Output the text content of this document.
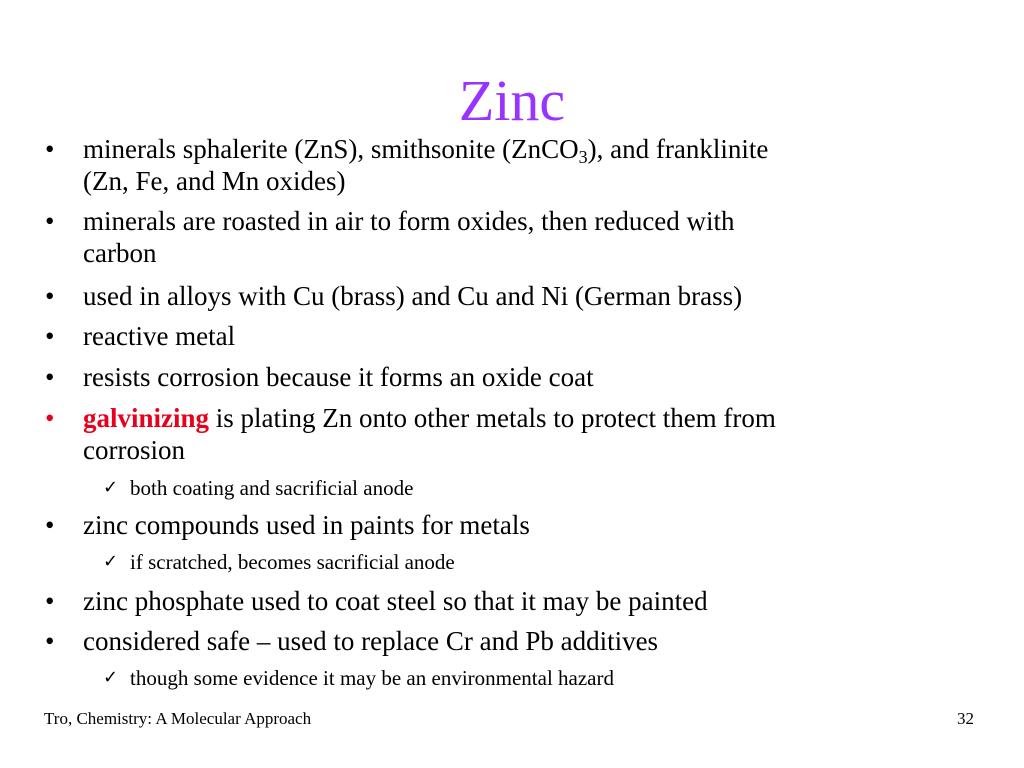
Zinc
• minerals sphalerite (ZnS), smithsonite (ZnCO$_3$), and franklinite
(Zn, Fe, and Mn oxides)
• minerals are roasted in air to form oxides, then reduced with
carbon
• used in alloys with Cu (brass) and Cu and Ni (German brass)
• reactive metal
• resists corrosion because it forms an oxide coat
• galvinizing is plating Zn onto other metals to protect them from
corrosion
✓ both coating and sacrificial anode
• zinc compounds used in paints for metals
✓ if scratched, becomes sacrificial anode
• zinc phosphate used to coat steel so that it may be painted
• considered safe – used to replace Cr and Pb additives
✓ though some evidence it may be an environmental hazard
Tro, Chemistry: A Molecular Approach	32
